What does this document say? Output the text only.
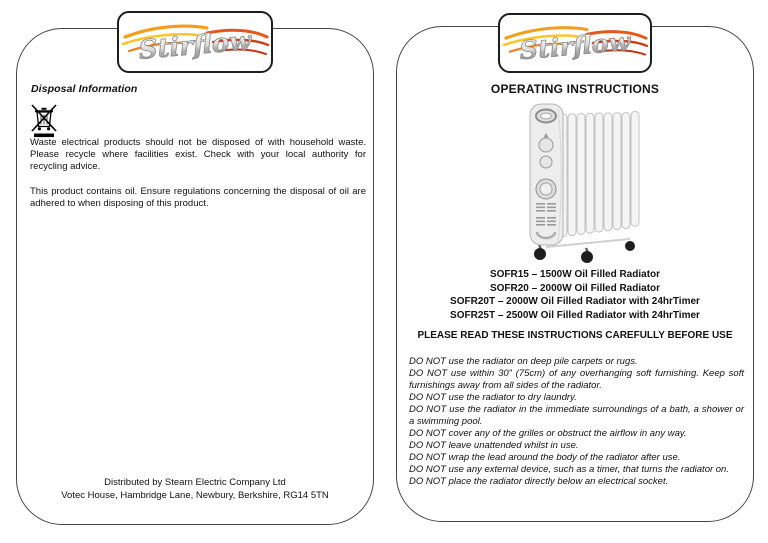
Stirflow
Disposal Information

Waste electrical products should not be disposed of with household waste. Please recycle where facilities exist. Check with your local authority for recycling advice.

This product contains oil. Ensure regulations concerning the disposal of oil are adhered to when disposing of this product.

Distributed by Stearn Electric Company Ltd
Votec House, Hambridge Lane, Newbury, Berkshire, RG14 5TN
Stirflow
OPERATING INSTRUCTIONS
SOFR15 – 1500W Oil Filled Radiator
SOFR20 – 2000W Oil Filled Radiator
SOFR20T – 2000W Oil Filled Radiator with 24hrTimer
SOFR25T – 2500W Oil Filled Radiator with 24hrTimer
PLEASE READ THESE INSTRUCTIONS CAREFULLY BEFORE USE
DO NOT use the radiator on deep pile carpets or rugs.
DO NOT use within 30” (75cm) of any overhanging soft furnishing. Keep soft furnishings away from all sides of the radiator.
DO NOT use the radiator to dry laundry.
DO NOT use the radiator in the immediate surroundings of a bath, a shower or a swimming pool.
DO NOT cover any of the grilles or obstruct the airflow in any way.
DO NOT leave unattended whilst in use.
DO NOT wrap the lead around the body of the radiator after use.
DO NOT use any external device, such as a timer, that turns the radiator on.
DO NOT place the radiator directly below an electrical socket.
